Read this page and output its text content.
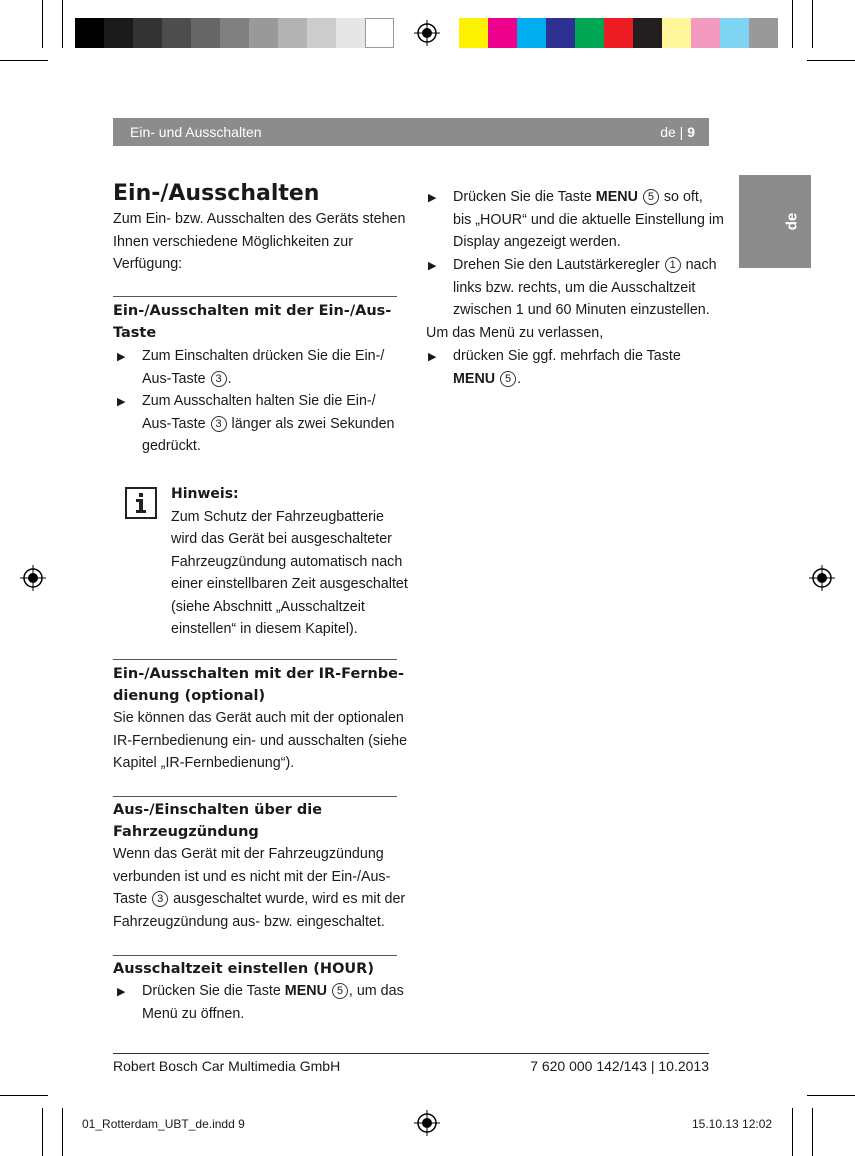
Ein- und Ausschalten	de | 9
de
Ein-/Ausschalten
Zum Ein- bzw. Ausschalten des Geräts stehen
Ihnen verschiedene Möglichkeiten zur
Verfügung:
Ein-/Ausschalten mit der Ein-/Aus-
Taste
▶ Zum Einschalten drücken Sie die Ein-/
Aus-Taste 3 .
▶ Zum Ausschalten halten Sie die Ein-/
Aus-Taste 3 länger als zwei Sekunden
gedrückt.
Hinweis:
Zum Schutz der Fahrzeugbatterie
wird das Gerät bei ausgeschalteter
Fahrzeugzündung automatisch nach
einer einstellbaren Zeit ausgeschaltet
(siehe Abschnitt „Ausschaltzeit
einstellen“ in diesem Kapitel).
Ein-/Ausschalten mit der IR-Fernbe-
dienung (optional)
Sie können das Gerät auch mit der optionalen
IR-Fernbedienung ein- und ausschalten (siehe
Kapitel „IR-Fernbedienung“).
Aus-/Einschalten über die
Fahrzeugzündung
Wenn das Gerät mit der Fahrzeugzündung
verbunden ist und es nicht mit der Ein-/Aus-
Taste 3 ausgeschaltet wurde, wird es mit der
Fahrzeugzündung aus- bzw. eingeschaltet.
Ausschaltzeit einstellen (HOUR)
▶ Drücken Sie die Taste MENU 5 , um das
Menü zu öffnen.
▶ Drücken Sie die Taste MENU 5 so oft,
bis „HOUR“ und die aktuelle Einstellung im
Display angezeigt werden.
▶ Drehen Sie den Lautstärkeregler 1 nach
links bzw. rechts, um die Ausschaltzeit
zwischen 1 und 60 Minuten einzustellen.
Um das Menü zu verlassen,
▶ drücken Sie ggf. mehrfach die Taste
MENU 5 .
Robert Bosch Car Multimedia GmbH	7 620 000 142/143 | 10.2013
01_Rotterdam_UBT_de.indd 9	15.10.13 12:02
